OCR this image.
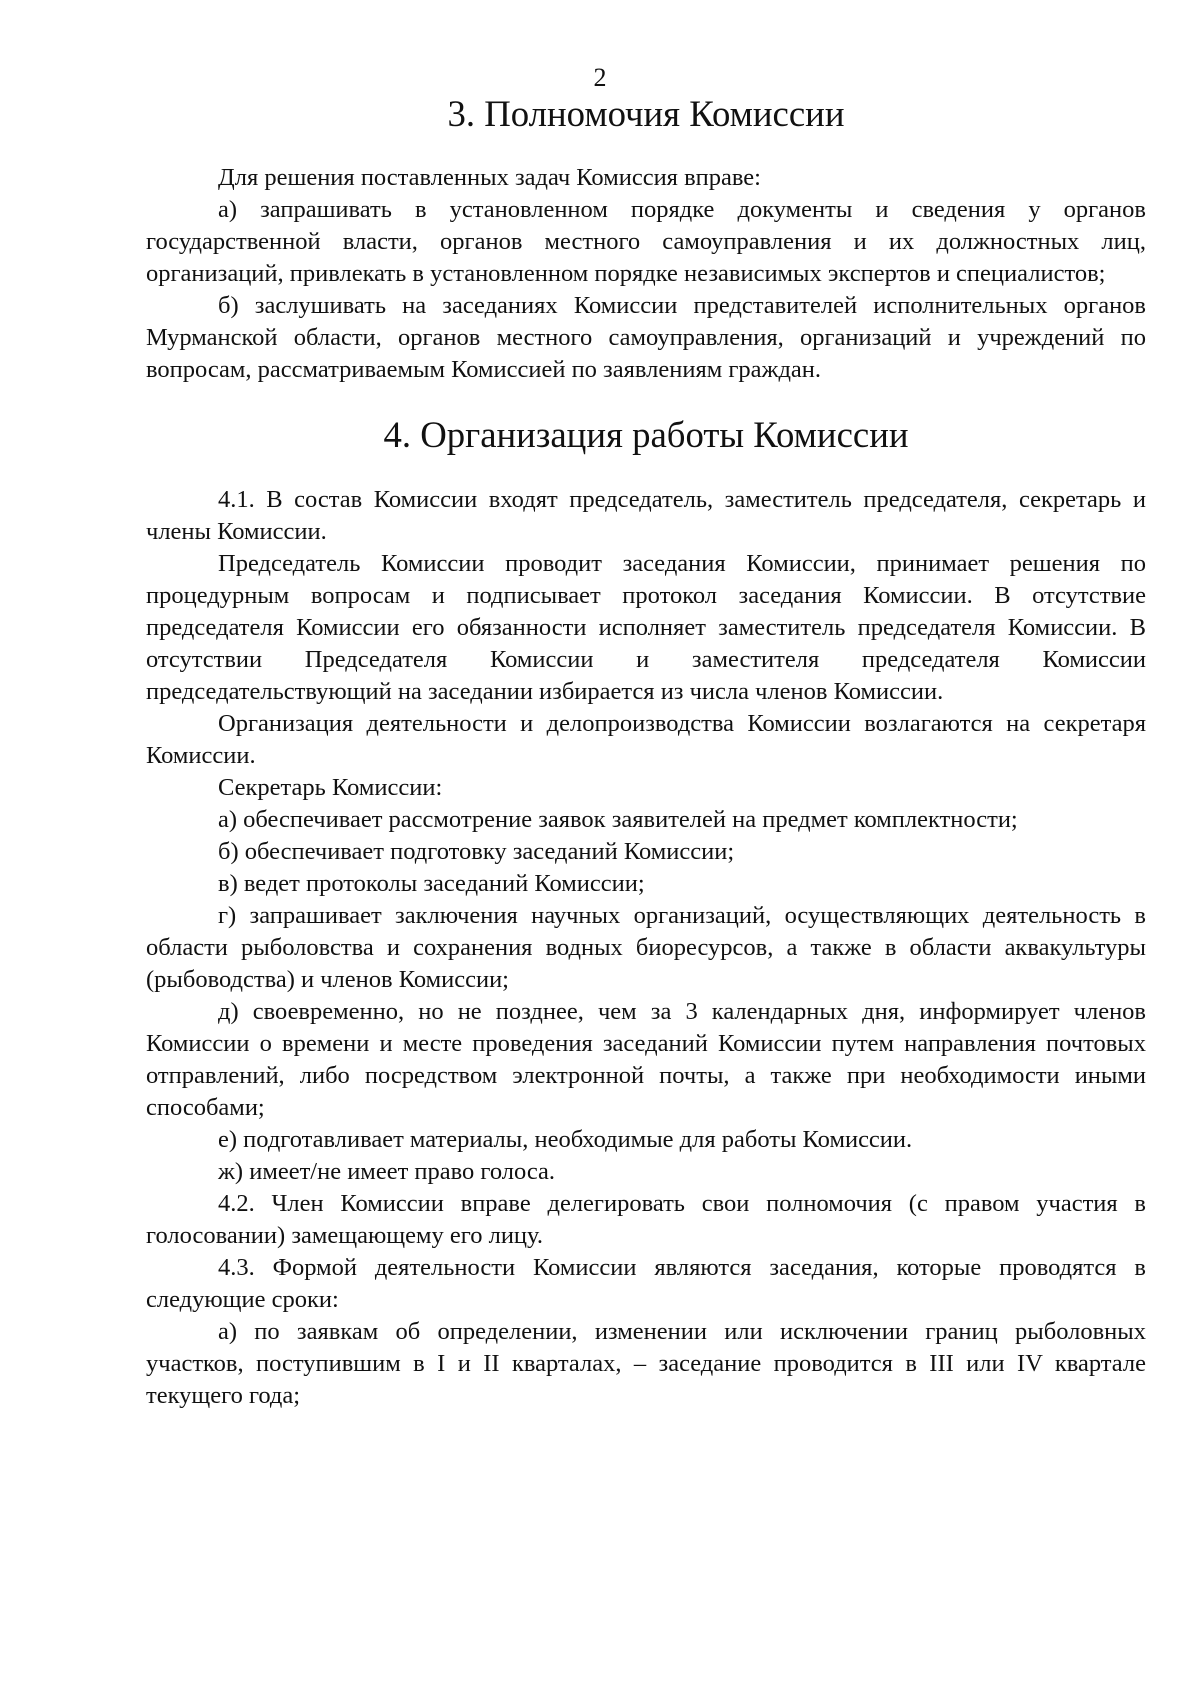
2
3. Полномочия Комиссии

Для решения поставленных задач Комиссия вправе:

а) запрашивать в установленном порядке документы и сведения у органов государственной власти, органов местного самоуправления и их должностных лиц, организаций, привлекать в установленном порядке независимых экспертов и специалистов;

б) заслушивать на заседаниях Комиссии представителей исполнительных органов Мурманской области, органов местного самоуправления, организаций и учреждений по вопросам, рассматриваемым Комиссией по заявлениям граждан.

4. Организация работы Комиссии

4.1. В состав Комиссии входят председатель, заместитель председателя, секретарь и члены Комиссии.

Председатель Комиссии проводит заседания Комиссии, принимает решения по процедурным вопросам и подписывает протокол заседания Комиссии. В отсутствие председателя Комиссии его обязанности исполняет заместитель председателя Комиссии. В отсутствии Председателя Комиссии и заместителя председателя Комиссии председательствующий на заседании избирается из числа членов Комиссии.

Организация деятельности и делопроизводства Комиссии возлагаются на секретаря Комиссии.

Секретарь Комиссии:

а) обеспечивает рассмотрение заявок заявителей на предмет комплектности;

б) обеспечивает подготовку заседаний Комиссии;

в) ведет протоколы заседаний Комиссии;

г) запрашивает заключения научных организаций, осуществляющих деятельность в области рыболовства и сохранения водных биоресурсов, а также в области аквакультуры (рыбоводства) и членов Комиссии;

д) своевременно, но не позднее, чем за 3 календарных дня, информирует членов Комиссии о времени и месте проведения заседаний Комиссии путем направления почтовых отправлений, либо посредством электронной почты, а также при необходимости иными способами;

е) подготавливает материалы, необходимые для работы Комиссии.

ж) имеет/не имеет право голоса.

4.2. Член Комиссии вправе делегировать свои полномочия (с правом участия в голосовании) замещающему его лицу.

4.3. Формой деятельности Комиссии являются заседания, которые проводятся в следующие сроки:

а) по заявкам об определении, изменении или исключении границ рыболовных участков, поступившим в I и II кварталах, – заседание проводится в III или IV квартале текущего года;
